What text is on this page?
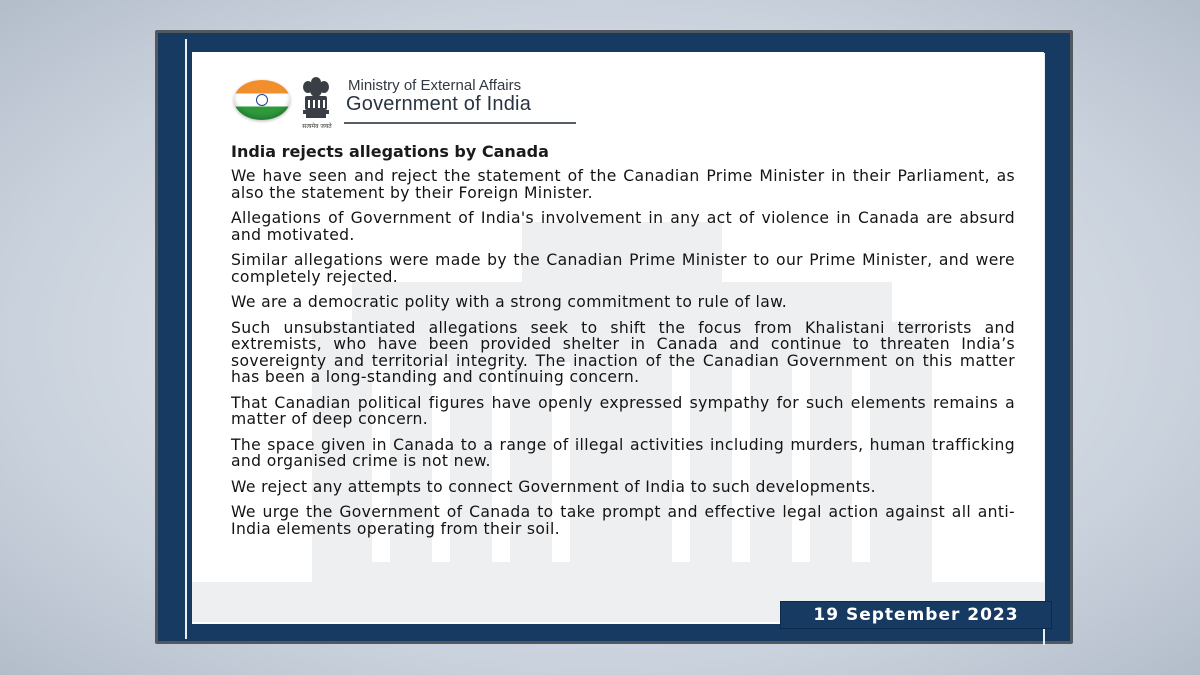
सत्यमेव जयते
Ministry of External Affairs
Government of India
India rejects allegations by Canada

We have seen and reject the statement of the Canadian Prime Minister in their Parliament, as also the statement by their Foreign Minister.

Allegations of Government of India's involvement in any act of violence in Canada are absurd and motivated.

Similar allegations were made by the Canadian Prime Minister to our Prime Minister, and were completely rejected.

We are a democratic polity with a strong commitment to rule of law.

Such unsubstantiated allegations seek to shift the focus from Khalistani terrorists and extremists, who have been provided shelter in Canada and continue to threaten India’s sovereignty and territorial integrity. The inaction of the Canadian Government on this matter has been a long-standing and continuing concern.

That Canadian political figures have openly expressed sympathy for such elements remains a matter of deep concern.

The space given in Canada to a range of illegal activities including murders, human trafficking and organised crime is not new.

We reject any attempts to connect Government of India to such developments.

We urge the Government of Canada to take prompt and effective legal action against all anti-India elements operating from their soil.

19 September 2023
